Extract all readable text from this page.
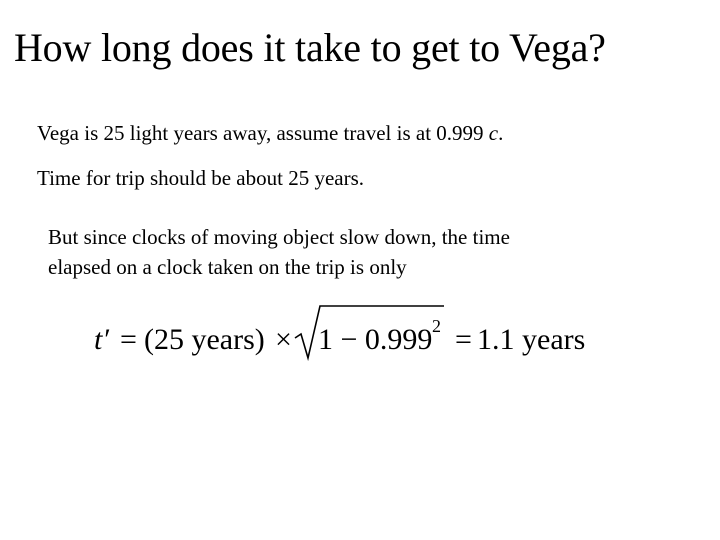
How long does it take to get to Vega?
Vega is 25 light years away, assume travel is at 0.999 c.
Time for trip should be about 25 years.
But since clocks of moving object slow down, the time
elapsed on a clock taken on the trip is only
t′ = (25 years) × 1 − 0.999 2 = 1.1 years
